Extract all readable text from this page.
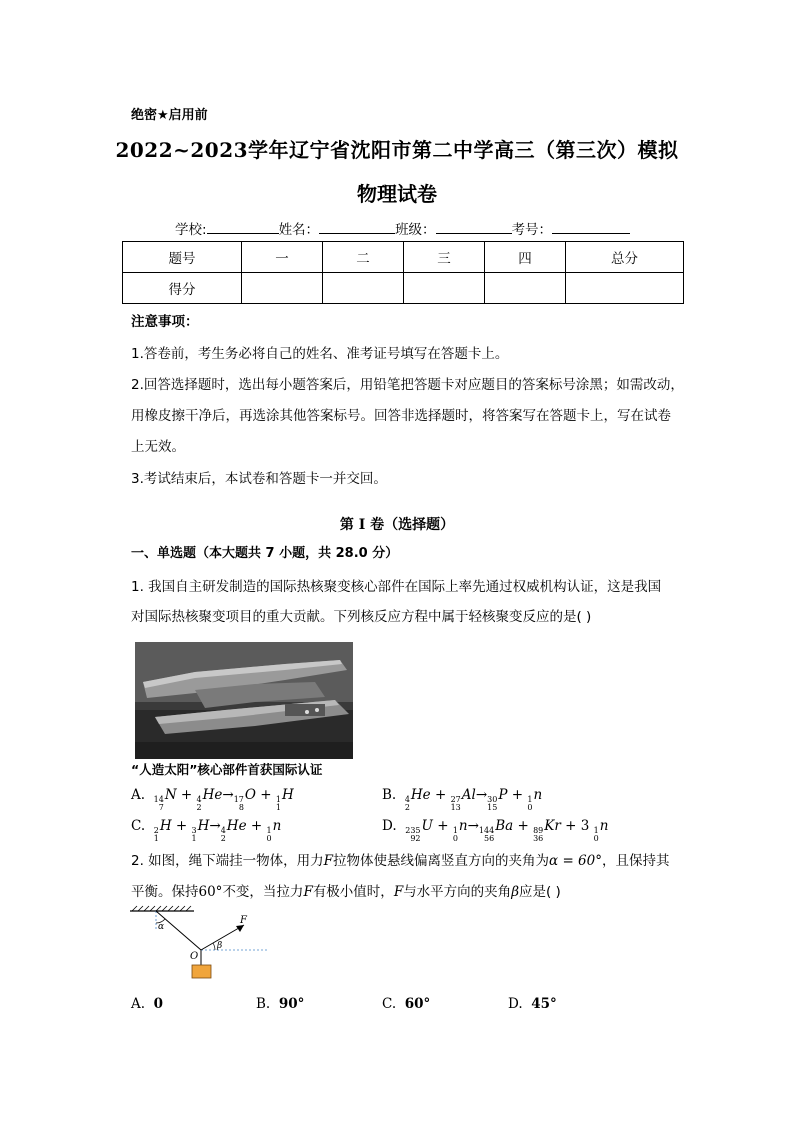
绝密★启用前
2022~2023学年辽宁省沈阳市第二中学高三（第三次）模拟
物理试卷
学校:	姓名：	班级：	考号：
题号	一	二	三	四	总分
得分					
注意事项：
1.答卷前，考生务必将自己的姓名、准考证号填写在答题卡上。
2.回答选择题时，选出每小题答案后，用铅笔把答题卡对应题目的答案标号涂黑；如需改动，
用橡皮擦干净后，再选涂其他答案标号。回答非选择题时，将答案写在答题卡上，写在试卷
上无效。
3.考试结束后，本试卷和答题卡一并交回。
第 I 卷（选择题）
一、单选题（本大题共 7 小题，共 28.0 分）
1. 我国自主研发制造的国际热核聚变核心部件在国际上率先通过权威机构认证，这是我国
对国际热核聚变项目的重大贡献。下列核反应方程中属于轻核聚变反应的是( )
“人造太阳”核心部件首获国际认证
A. 14
7
N + 4
2
He→ 17
8
O + 1
1
H	B. 4
2
He + 27
13
Al→ 30
15
P + 1
0
n
C. 2
1
H + 3
1
H→ 4
2
He + 1
0
n	D. 235
92
U + 1
0
n→ 144
56
Ba + 89
36
Kr + 3 1
0
n
2. 如图，绳下端挂一物体，用力F拉物体使悬线偏离竖直方向的夹角为α = 60°，且保持其
平衡。保持60°不变，当拉力F有极小值时，F与水平方向的夹角β应是( )
F
α
β
O
A. 0	B. 90°	C. 60°	D. 45°
